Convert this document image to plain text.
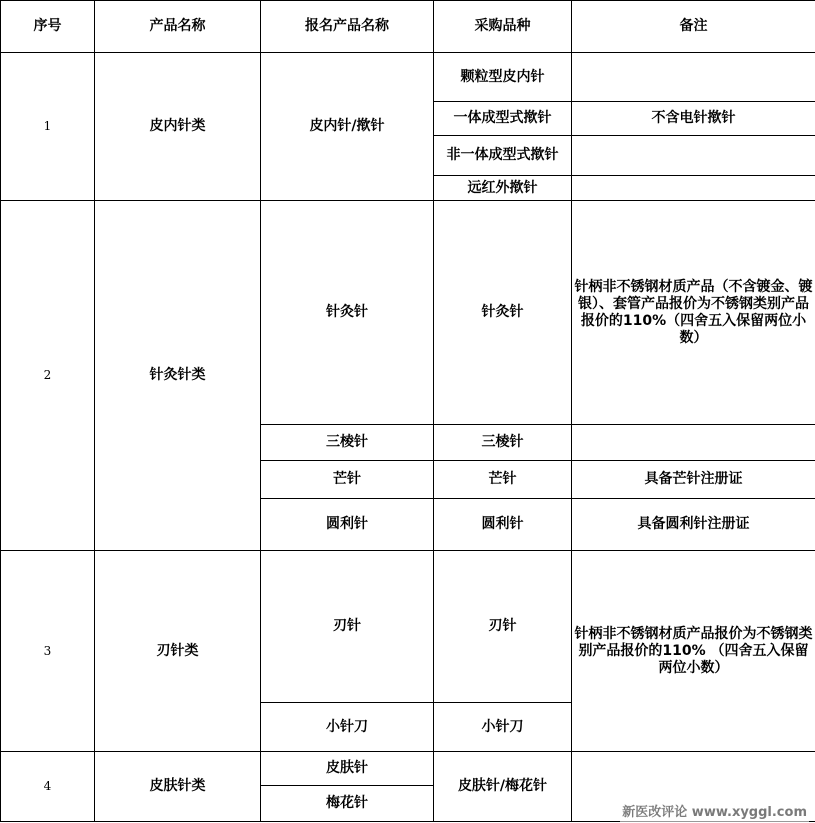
序号	产品名称	报名产品名称	采购品种	备注
1	皮内针类	皮内针/揿针	颗粒型皮内针	
			一体成型式揿针	不含电针揿针
			非一体成型式揿针	
			远红外揿针	
2	针灸针类	针灸针	针灸针	针柄非不锈钢材质产品（不含镀金、镀银）、套管产品报价为不锈钢类别产品报价的110%（四舍五入保留两位小数）
		三棱针	三棱针	
		芒针	芒针	具备芒针注册证
		圆利针	圆利针	具备圆利针注册证
3	刃针类	刃针	刃针	针柄非不锈钢材质产品报价为不锈钢类别产品报价的110% （四舍五入保留两位小数）
		小针刀	小针刀	
4	皮肤针类	皮肤针	皮肤针/梅花针	
		梅花针		
新医改评论 www.xyggl.com
